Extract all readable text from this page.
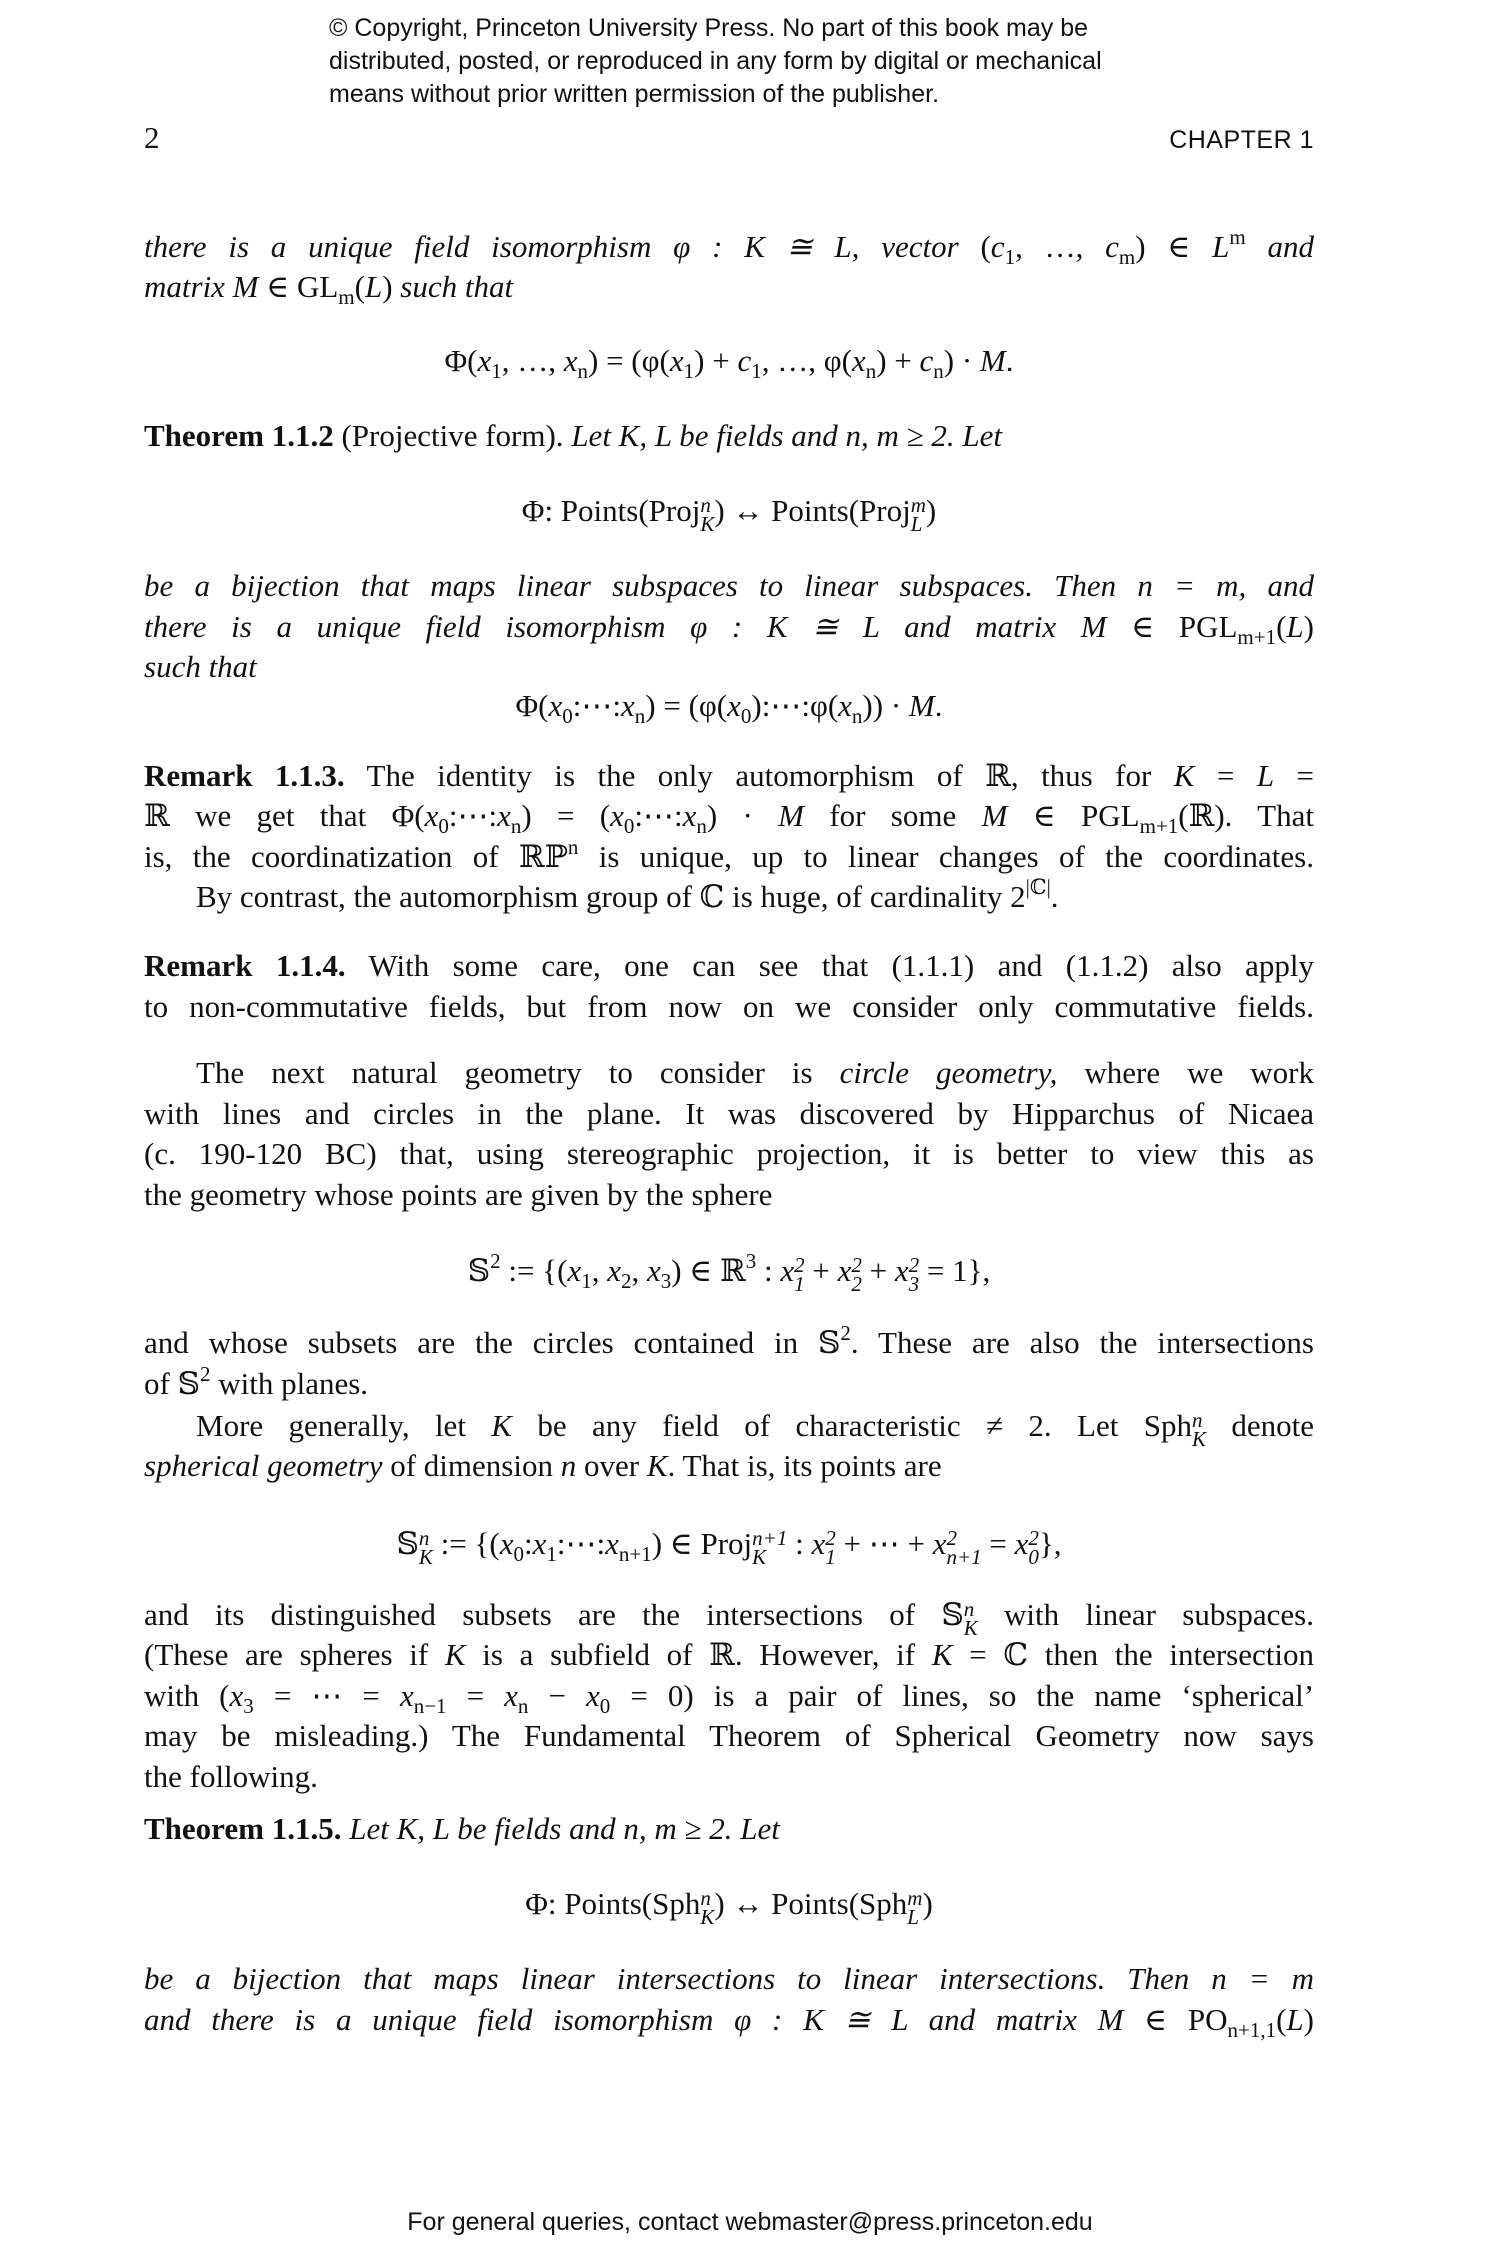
© Copyright, Princeton University Press. No part of this book may be
distributed, posted, or reproduced in any form by digital or mechanical
means without prior written permission of the publisher.
2	CHAPTER 1
there is a unique field isomorphism φ : K ≅ L, vector ($c_1$, …, $c_m$) ∈ $L^m$ and
matrix M ∈ $GL_m(L)$ such that
$\Phi(x_1$, …, $x_n) = (\varphi(x_1) + c_1$, …, $\varphi(x_n) + c_n) \cdot M$.
Theorem 1.1.2 (Projective form). Let K, L be fields and n, m ≥ 2. Let
Φ: Points(Proj n
K ) ↔ Points(Proj m
L )
be a bijection that maps linear subspaces to linear subspaces. Then n = m, and
there is a unique field isomorphism φ : K ≅ L and matrix M ∈ $PGL_{m+1}(L)$
such that
$\Phi(x_0:\cdots:x_n)$ = $(\varphi(x_0):\cdots:\varphi(x_n)) \cdot M$.
Remark 1.1.3. The identity is the only automorphism of ℝ, thus for K = L =
ℝ we get that $\Phi(x_0:\cdots:x_n)$ = $(x_0:\cdots:x_n) \cdot M$ for some M ∈ $PGL_{m+1}(ℝ)$. That
is, the coordinatization of ℝℙ$^n$ is unique, up to linear changes of the coordinates.
By contrast, the automorphism group of ℂ is huge, of cardinality $2^{|ℂ|}$.
Remark 1.1.4. With some care, one can see that (1.1.1) and (1.1.2) also apply
to non-commutative fields, but from now on we consider only commutative fields.
The next natural geometry to consider is circle geometry, where we work
with lines and circles in the plane. It was discovered by Hipparchus of Nicaea
(c. 190-120 BC) that, using stereographic projection, it is better to view this as
the geometry whose points are given by the sphere
𝕊$^2$ := {($x_1$, $x_2$, $x_3$) ∈ ℝ$^3$ : x 2
1 + x 2
2 + x 2
3 = 1},
and whose subsets are the circles contained in 𝕊$^2$. These are also the intersections
of 𝕊$^2$ with planes.
More generally, let K be any field of characteristic ≠ 2. Let Sph n
K denote
spherical geometry of dimension n over K. That is, its points are
𝕊 n
K := {$(x_0:x_1:\cdots:x_{n+1})$ ∈ Proj n+1
K : x 2
1 + ⋯ + x 2
n+1 = x 2
0 },
and its distinguished subsets are the intersections of 𝕊 n
K with linear subspaces.
(These are spheres if K is a subfield of ℝ. However, if K = ℂ then the intersection
with ($x_3$ = ⋯ = $x_{n-1} = x_n - x_0 = 0$) is a pair of lines, so the name ‘spherical’
may be misleading.) The Fundamental Theorem of Spherical Geometry now says
the following.
Theorem 1.1.5. Let K, L be fields and n, m ≥ 2. Let
Φ: Points(Sph n
K ) ↔ Points(Sph m
L )
be a bijection that maps linear intersections to linear intersections. Then n = m
and there is a unique field isomorphism φ : K ≅ L and matrix M ∈ $PO_{n+1,1}(L)$
For general queries, contact webmaster@press.princeton.edu
